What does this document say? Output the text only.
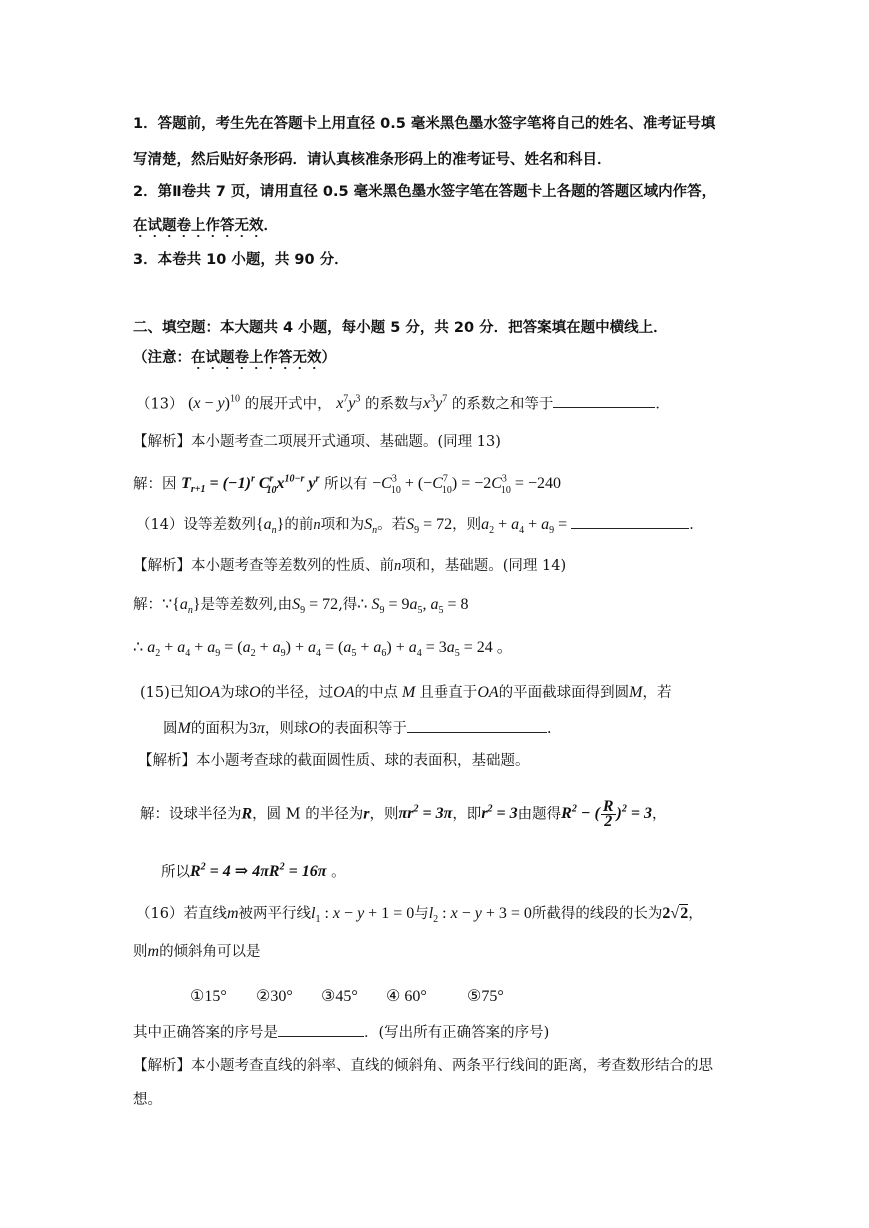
1．答题前，考生先在答题卡上用直径 0.5 毫米黑色墨水签字笔将自己的姓名、准考证号填
写清楚，然后贴好条形码．请认真核准条形码上的准考证号、姓名和科目．
2．第Ⅱ卷共 7 页，请用直径 0.5 毫米黑色墨水签字笔在答题卡上各题的答题区域内作答，
在试题卷上作答无效．
3．本卷共 10 小题，共 90 分．
二、填空题：本大题共 4 小题，每小题 5 分，共 20 分．把答案填在题中横线上．
（注意：在试题卷上作答无效）
（13） $(x - y)^{10}$ 的展开式中， $x^7y^3$ 的系数与$x^3y^7$ 的系数之和等于	．
【解析】本小题考查二项展开式通项、基础题。(同理 13)
解：因 $T_{r+1} = (-1)^r$ $C^r_{10}x^{10-r}$ $y^r$ 所以有 $-C^3_{10} + (-C^7_{10}) = -2C^3_{10} = -240$
（14）设等差数列$\{a_n\}$的前n项和为$S_n$。若$S_9 = 72$，则$a_2 + a_4 + a_9$ =	．
【解析】本小题考查等差数列的性质、前n项和，基础题。(同理 14)
解：$\because\{a_n\}$是等差数列,由$S_9 = 72$,得∴ $S_9 = 9a_5$, $a_5 = 8$
∴ $a_2 + a_4 + a_9 = (a_2 + a_9) + a_4 = (a_5 + a_6) + a_4 = 3a_5 = 24$ 。
(15)已知OA为球O的半径，过OA的中点 M 且垂直于OA的平面截球面得到圆M，若
圆M的面积为3π，则球O的表面积等于	.
【解析】本小题考查球的截面圆性质、球的表面积，基础题。
解：设球半径为R，圆 M 的半径为r，则$\pi r^2 = 3\pi$，即$r^2 = 3$由题得$R^2$ − ( $\frac{R}{2} )^2 = 3$，
所以$R^2 = 4$ ⇒ $4\pi R^2 = 16\pi$ 。
（16）若直线m被两平行线$l_1$ : x − y + 1 = 0与$l_2$ : x − y + 3 = 0所截得的线段的长为2√2，
则m的倾斜角可以是
①15° ②30° ③45° ④ 60°	⑤75°
其中正确答案的序号是	．(写出所有正确答案的序号)
【解析】本小题考查直线的斜率、直线的倾斜角、两条平行线间的距离，考查数形结合的思
想。
